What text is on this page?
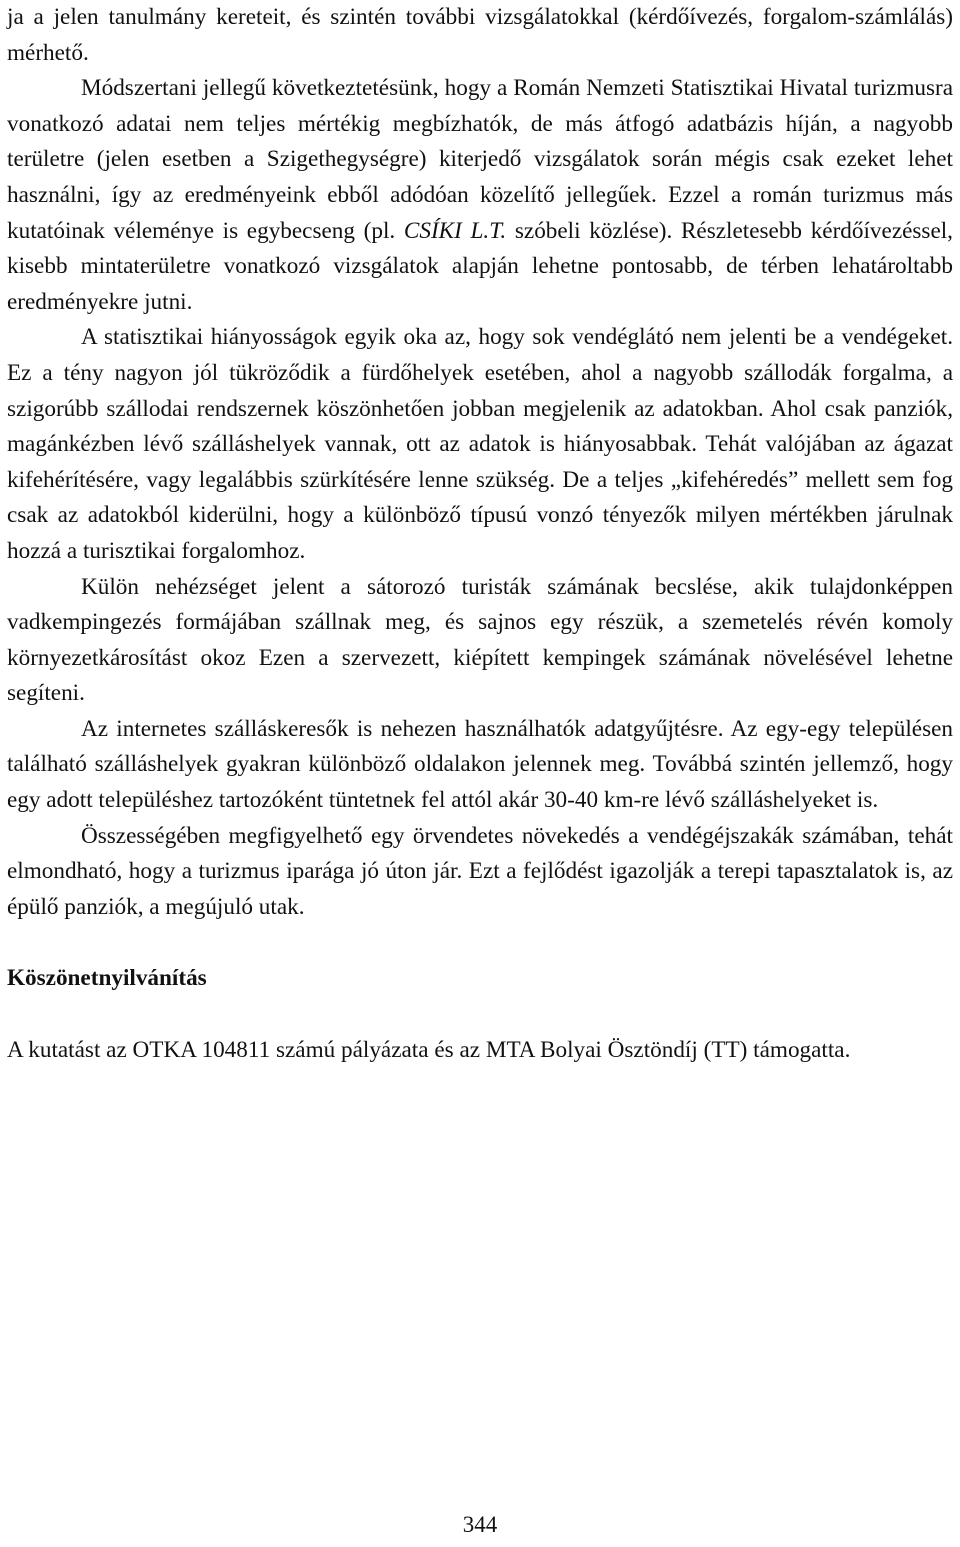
ja a jelen tanulmány kereteit, és szintén további vizsgálatokkal (kérdőívezés, forgalom-számlálás) mérhető.

Módszertani jellegű következtetésünk, hogy a Román Nemzeti Statisztikai Hivatal turizmusra vonatkozó adatai nem teljes mértékig megbízhatók, de más átfogó adatbázis híján, a nagyobb területre (jelen esetben a Szigethegységre) kiterjedő vizsgálatok során mégis csak ezeket lehet használni, így az eredményeink ebből adódóan közelítő jellegűek. Ezzel a román turizmus más kutatóinak véleménye is egybecseng (pl. CSÍKI L.T. szóbeli közlése). Részletesebb kérdőívezéssel, kisebb mintaterületre vonatkozó vizsgálatok alapján lehetne pontosabb, de térben lehatároltabb eredményekre jutni.

A statisztikai hiányosságok egyik oka az, hogy sok vendéglátó nem jelenti be a vendégeket. Ez a tény nagyon jól tükröződik a fürdőhelyek esetében, ahol a nagyobb szállodák forgalma, a szigorúbb szállodai rendszernek köszönhetően jobban megjelenik az adatokban. Ahol csak panziók, magánkézben lévő szálláshelyek vannak, ott az adatok is hiányosabbak. Tehát valójában az ágazat kifehérítésére, vagy legalábbis szürkítésére lenne szükség. De a teljes „kifehéredés” mellett sem fog csak az adatokból kiderülni, hogy a különböző típusú vonzó tényezők milyen mértékben járulnak hozzá a turisztikai forgalomhoz.

Külön nehézséget jelent a sátorozó turisták számának becslése, akik tulajdonképpen vadkempingezés formájában szállnak meg, és sajnos egy részük, a szemetelés révén komoly környezetkárosítást okoz Ezen a szervezett, kiépített kempingek számának növelésével lehetne segíteni.

Az internetes szálláskeresők is nehezen használhatók adatgyűjtésre. Az egy-egy településen található szálláshelyek gyakran különböző oldalakon jelennek meg. Továbbá szintén jellemző, hogy egy adott településhez tartozóként tüntetnek fel attól akár 30-40 km-re lévő szálláshelyeket is.

Összességében megfigyelhető egy örvendetes növekedés a vendégéjszakák számában, tehát elmondható, hogy a turizmus iparága jó úton jár. Ezt a fejlődést igazolják a terepi tapasztalatok is, az épülő panziók, a megújuló utak.

Köszönetnyilvánítás

A kutatást az OTKA 104811 számú pályázata és az MTA Bolyai Ösztöndíj (TT) támogatta.

344
